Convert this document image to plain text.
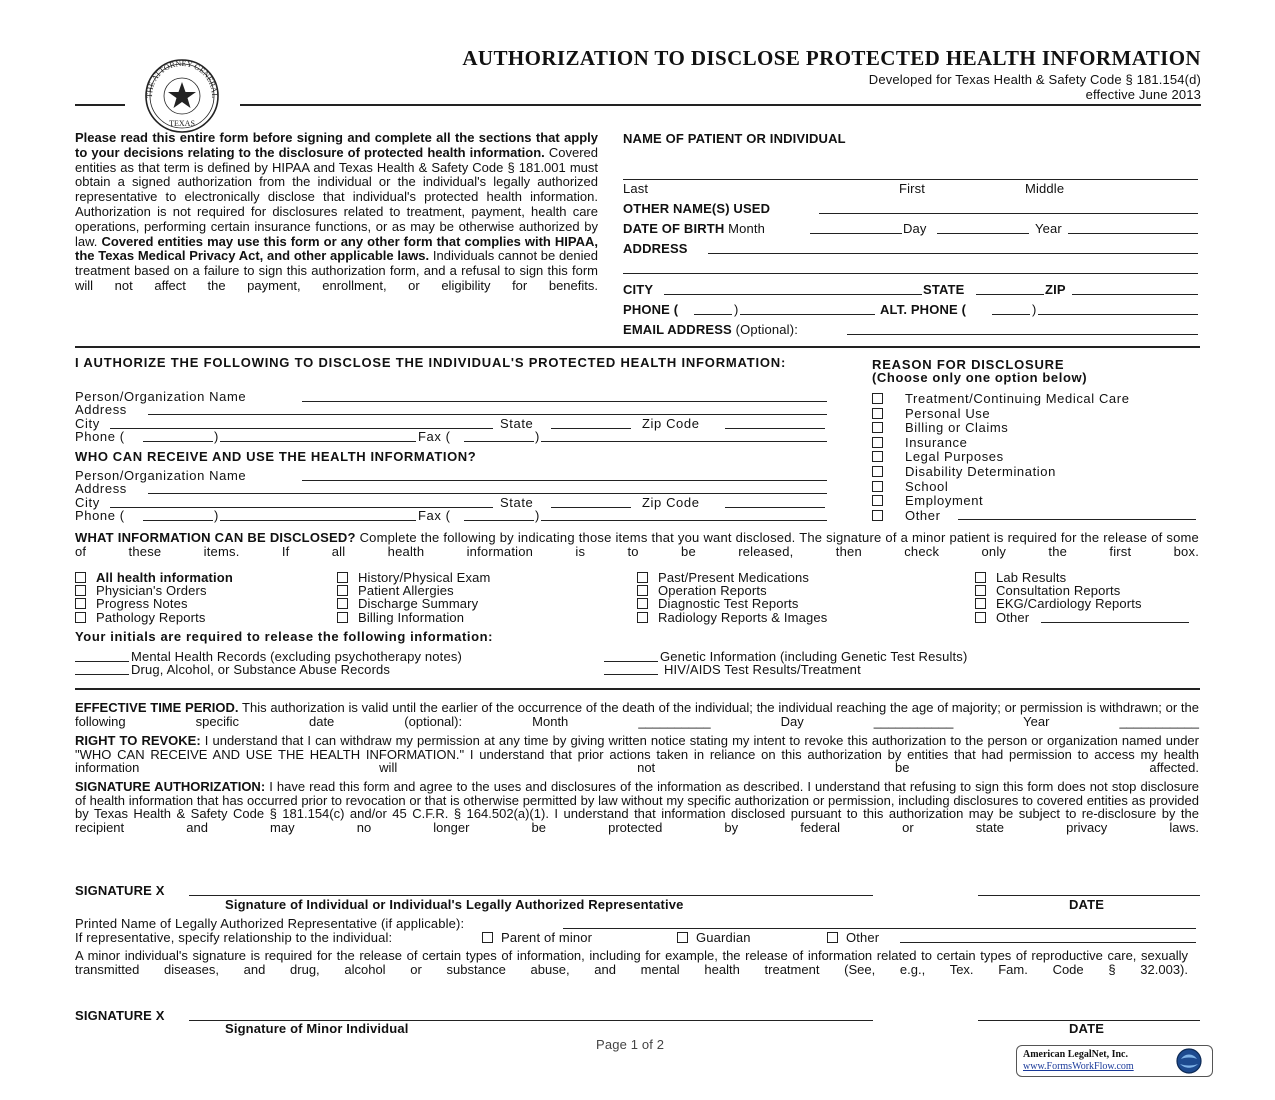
THE ATTORNEY GENERAL
TEXAS
AUTHORIZATION TO DISCLOSE PROTECTED HEALTH INFORMATION
Developed for Texas Health & Safety Code § 181.154(d)
effective June 2013
Please read this entire form before signing and complete all the sections that apply to your decisions relating to the disclosure of protected health information. Covered entities as that term is defined by HIPAA and Texas Health & Safety Code § 181.001 must obtain a signed authorization from the individual or the individual's legally authorized representative to electronically disclose that individual's protected health information. Authorization is not required for disclosures related to treatment, payment, health care operations, performing certain insurance functions, or as may be otherwise authorized by law. Covered entities may use this form or any other form that complies with HIPAA, the Texas Medical Privacy Act, and other applicable laws. Individuals cannot be denied treatment based on a failure to sign this authorization form, and a refusal to sign this form will not affect the payment, enrollment, or eligibility for benefits.
NAME OF PATIENT OR INDIVIDUAL
Last	First	Middle
OTHER NAME(S) USED
DATE OF BIRTH Month	Day	Year
ADDRESS
CITY	STATE	ZIP
PHONE (	)	ALT. PHONE (	)
EMAIL ADDRESS (Optional):
I AUTHORIZE THE FOLLOWING TO DISCLOSE THE INDIVIDUAL'S PROTECTED HEALTH INFORMATION:
Person/Organization Name
Address
City	State	Zip Code
Phone (	)	Fax (	)
WHO CAN RECEIVE AND USE THE HEALTH INFORMATION?
Person/Organization Name
Address
City	State	Zip Code
Phone (	)	Fax (	)
REASON FOR DISCLOSURE
(Choose only one option below)
Treatment/Continuing Medical Care
Personal Use
Billing or Claims
Insurance
Legal Purposes
Disability Determination
School
Employment
Other
WHAT INFORMATION CAN BE DISCLOSED? Complete the following by indicating those items that you want disclosed. The signature of a minor patient is required for the release of some of these items. If all health information is to be released, then check only the first box.
All health information
Physician's Orders
Progress Notes
Pathology Reports
History/Physical Exam
Patient Allergies
Discharge Summary
Billing Information
Past/Present Medications
Operation Reports
Diagnostic Test Reports
Radiology Reports & Images
Lab Results
Consultation Reports
EKG/Cardiology Reports
Other
Your initials are required to release the following information:
Mental Health Records (excluding psychotherapy notes)
Drug, Alcohol, or Substance Abuse Records
Genetic Information (including Genetic Test Results)
HIV/AIDS Test Results/Treatment
EFFECTIVE TIME PERIOD. This authorization is valid until the earlier of the occurrence of the death of the individual; the individual reaching the age of majority; or permission is withdrawn; or the following specific date (optional):	Month __________ Day ___________ Year ___________
RIGHT TO REVOKE: I understand that I can withdraw my permission at any time by giving written notice stating my intent to revoke this authorization to the person or organization named under "WHO CAN RECEIVE AND USE THE HEALTH INFORMATION." I understand that prior actions taken in reliance on this authorization by entities that had permission to access my health information will not be affected.
SIGNATURE AUTHORIZATION: I have read this form and agree to the uses and disclosures of the information as described. I understand that refusing to sign this form does not stop disclosure of health information that has occurred prior to revocation or that is otherwise permitted by law without my specific authorization or permission, including disclosures to covered entities as provided by Texas Health & Safety Code § 181.154(c) and/or 45 C.F.R. § 164.502(a)(1). I understand that information disclosed pursuant to this authorization may be subject to re-disclosure by the recipient and may no longer be protected by federal or state privacy laws.
SIGNATURE X
Signature of Individual or Individual's Legally Authorized Representative	DATE
Printed Name of Legally Authorized Representative (if applicable):
If representative, specify relationship to the individual:	Parent of minor	Guardian	Other
A minor individual's signature is required for the release of certain types of information, including for example, the release of information related to certain types of reproductive care, sexually transmitted diseases, and drug, alcohol or substance abuse, and mental health treatment (See, e.g., Tex. Fam. Code § 32.003).
SIGNATURE X
Signature of Minor Individual	DATE
Page 1 of 2
American LegalNet, Inc.
www.FormsWorkFlow.com
